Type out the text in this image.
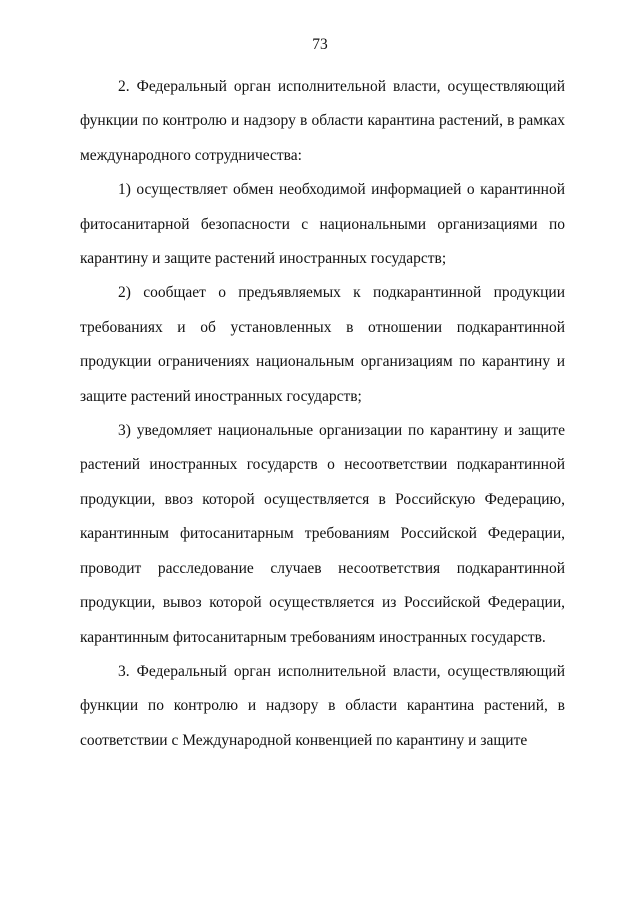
73

2. Федеральный орган исполнительной власти, осуществляющий функции по контролю и надзору в области карантина растений, в рамках международного сотрудничества:

1) осуществляет обмен необходимой информацией о карантинной фитосанитарной безопасности с национальными организациями по карантину и защите растений иностранных государств;

2) сообщает о предъявляемых к подкарантинной продукции требованиях и об установленных в отношении подкарантинной продукции ограничениях национальным организациям по карантину и защите растений иностранных государств;

3) уведомляет национальные организации по карантину и защите растений иностранных государств о несоответствии подкарантинной продукции, ввоз которой осуществляется в Российскую Федерацию, карантинным фитосанитарным требованиям Российской Федерации, проводит расследование случаев несоответствия подкарантинной продукции, вывоз которой осуществляется из Российской Федерации, карантинным фитосанитарным требованиям иностранных государств.

3. Федеральный орган исполнительной власти, осуществляющий функции по контролю и надзору в области карантина растений, в соответствии с Международной конвенцией по карантину и защите
